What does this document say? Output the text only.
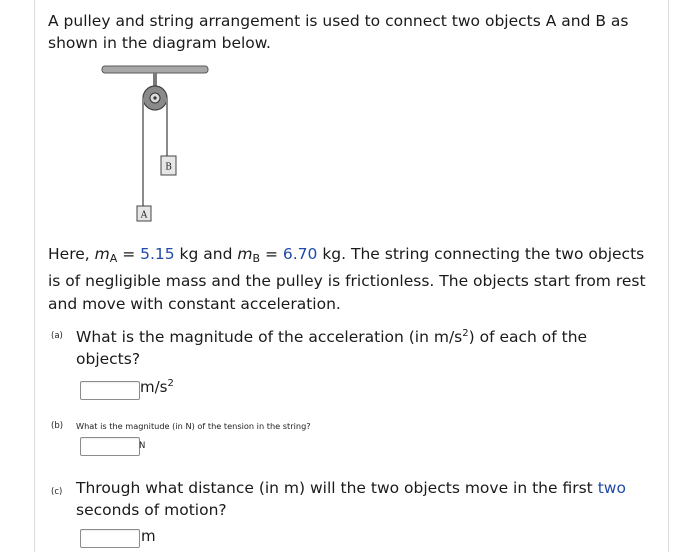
A pulley and string arrangement is used to connect two objects A and B as shown in the diagram below.
B
A
Here, $m_A = 5.15$ kg and $m_B = 6.70$ kg. The string connecting the two objects is of negligible mass and the pulley is frictionless. The objects start from rest and move with constant acceleration.
(a) What is the magnitude of the acceleration (in $m/s^2$) of each of the objects?
$m/s^2$
(b) What is the magnitude (in N) of the tension in the string?
N
(c) Through what distance (in m) will the two objects move in the first two seconds of motion?
m
